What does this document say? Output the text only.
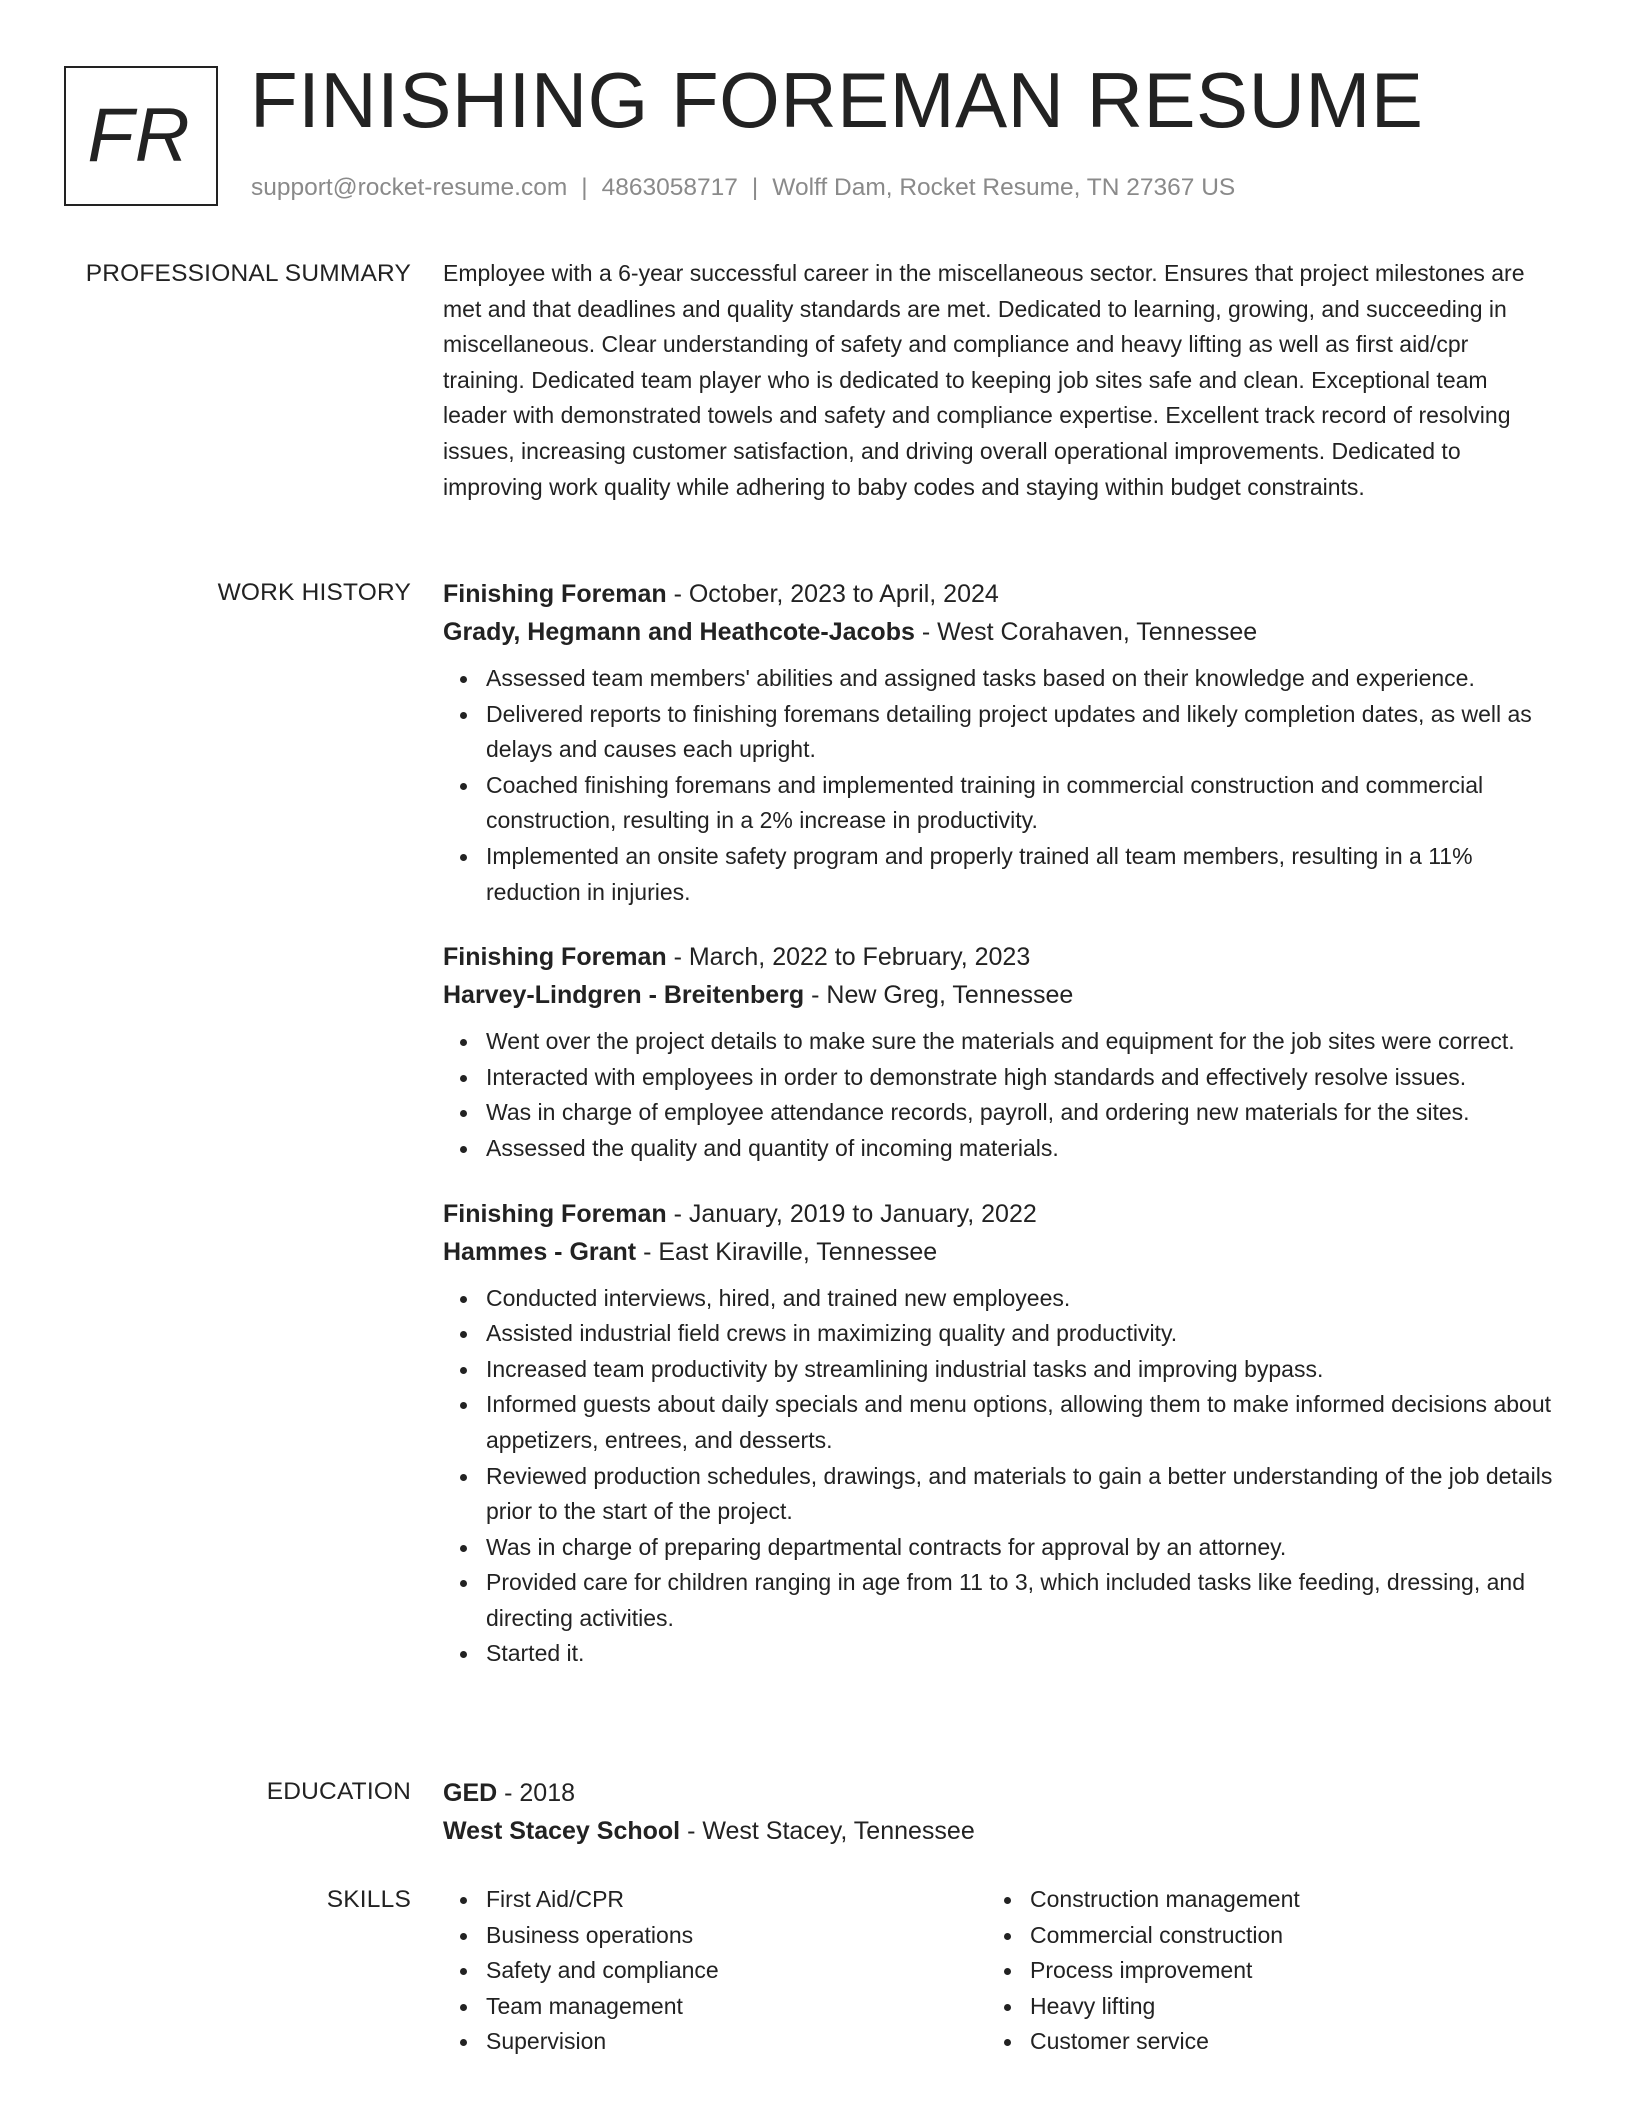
FR FINISHING FOREMAN RESUME
support@rocket-resume.com | 4863058717 | Wolff Dam, Rocket Resume, TN 27367 US
PROFESSIONAL SUMMARY Employee with a 6-year successful career in the miscellaneous sector. Ensures that project milestones are met and that deadlines and quality standards are met. Dedicated to learning, growing, and succeeding in miscellaneous. Clear understanding of safety and compliance and heavy lifting as well as first aid/cpr training. Dedicated team player who is dedicated to keeping job sites safe and clean. Exceptional team leader with demonstrated towels and safety and compliance expertise. Excellent track record of resolving issues, increasing customer satisfaction, and driving overall operational improvements. Dedicated to improving work quality while adhering to baby codes and staying within budget constraints.

WORK HISTORY Finishing Foreman - October, 2023 to April, 2024
Grady, Hegmann and Heathcote-Jacobs - West Corahaven, Tennessee
Assessed team members' abilities and assigned tasks based on their knowledge and experience.
Delivered reports to finishing foremans detailing project updates and likely completion dates, as well as delays and causes each upright.
Coached finishing foremans and implemented training in commercial construction and commercial construction, resulting in a 2% increase in productivity.
Implemented an onsite safety program and properly trained all team members, resulting in a 11% reduction in injuries.
Finishing Foreman - March, 2022 to February, 2023
Harvey-Lindgren - Breitenberg - New Greg, Tennessee
Went over the project details to make sure the materials and equipment for the job sites were correct.
Interacted with employees in order to demonstrate high standards and effectively resolve issues.
Was in charge of employee attendance records, payroll, and ordering new materials for the sites.
Assessed the quality and quantity of incoming materials.
Finishing Foreman - January, 2019 to January, 2022
Hammes - Grant - East Kiraville, Tennessee
Conducted interviews, hired, and trained new employees.
Assisted industrial field crews in maximizing quality and productivity.
Increased team productivity by streamlining industrial tasks and improving bypass.
Informed guests about daily specials and menu options, allowing them to make informed decisions about appetizers, entrees, and desserts.
Reviewed production schedules, drawings, and materials to gain a better understanding of the job details prior to the start of the project.
Was in charge of preparing departmental contracts for approval by an attorney.
Provided care for children ranging in age from 11 to 3, which included tasks like feeding, dressing, and directing activities.
Started it.
EDUCATION GED - 2018
West Stacey School - West Stacey, Tennessee
SKILLS	First Aid/CPR
Business operations
Safety and compliance
Team management
Supervision
Construction management
Commercial construction
Process improvement
Heavy lifting
Customer service
